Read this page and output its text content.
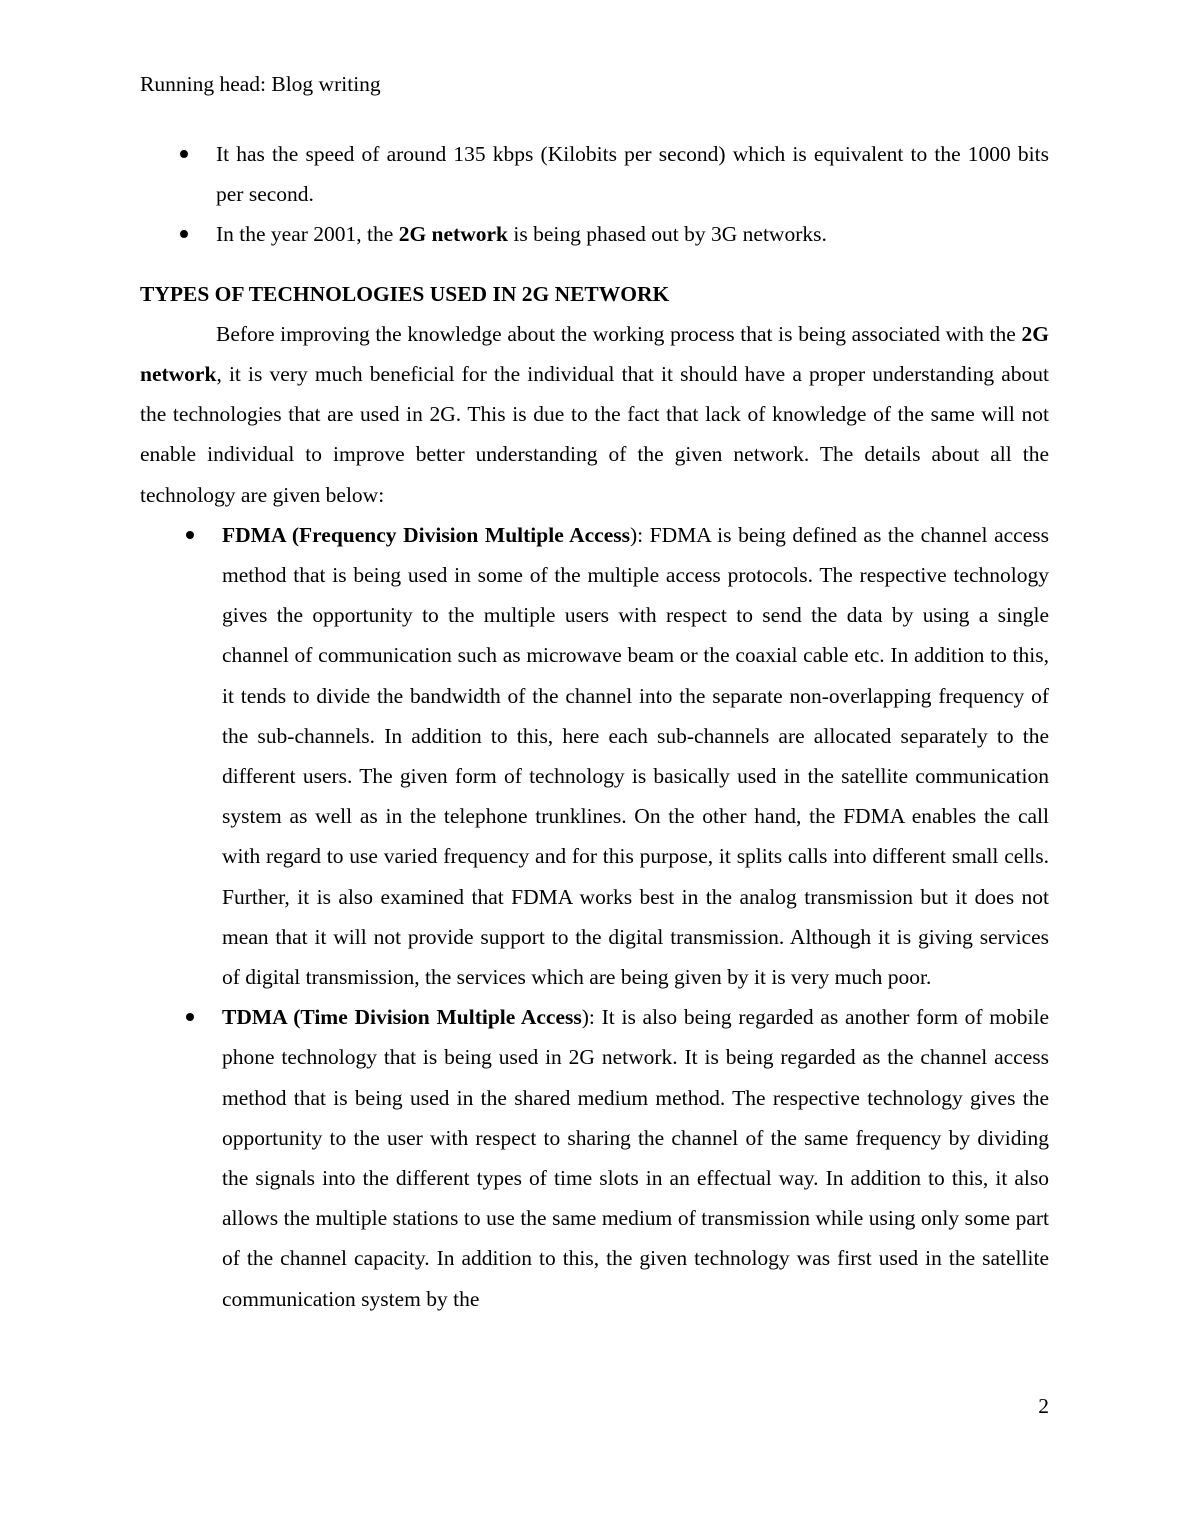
Running head: Blog writing
It has the speed of around 135 kbps (Kilobits per second) which is equivalent to the 1000 bits per second.
In the year 2001, the 2G network is being phased out by 3G networks.
TYPES OF TECHNOLOGIES USED IN 2G NETWORK

Before improving the knowledge about the working process that is being associated with the 2G network, it is very much beneficial for the individual that it should have a proper understanding about the technologies that are used in 2G. This is due to the fact that lack of knowledge of the same will not enable individual to improve better understanding of the given network. The details about all the technology are given below:

FDMA (Frequency Division Multiple Access): FDMA is being defined as the channel access method that is being used in some of the multiple access protocols. The respective technology gives the opportunity to the multiple users with respect to send the data by using a single channel of communication such as microwave beam or the coaxial cable etc. In addition to this, it tends to divide the bandwidth of the channel into the separate non-overlapping frequency of the sub-channels. In addition to this, here each sub-channels are allocated separately to the different users. The given form of technology is basically used in the satellite communication system as well as in the telephone trunklines. On the other hand, the FDMA enables the call with regard to use varied frequency and for this purpose, it splits calls into different small cells. Further, it is also examined that FDMA works best in the analog transmission but it does not mean that it will not provide support to the digital transmission. Although it is giving services of digital transmission, the services which are being given by it is very much poor.
TDMA (Time Division Multiple Access): It is also being regarded as another form of mobile phone technology that is being used in 2G network. It is being regarded as the channel access method that is being used in the shared medium method. The respective technology gives the opportunity to the user with respect to sharing the channel of the same frequency by dividing the signals into the different types of time slots in an effectual way. In addition to this, it also allows the multiple stations to use the same medium of transmission while using only some part of the channel capacity. In addition to this, the given technology was first used in the satellite communication system by the
2
